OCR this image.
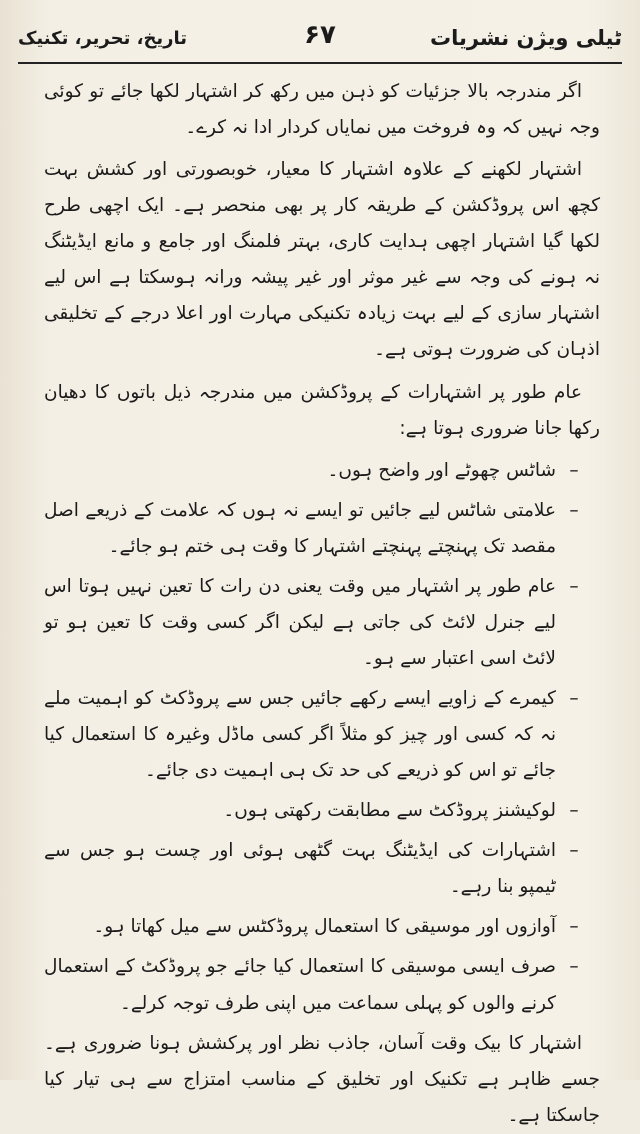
ٹیلی ویژن نشریات
۶۷
تاریخ، تحریر، تکنیک

اگر مندرجہ بالا جزئیات کو ذہن میں رکھ کر اشتہار لکھا جائے تو کوئی وجہ نہیں کہ وہ فروخت میں نمایاں کردار ادا نہ کرے۔

اشتہار لکھنے کے علاوہ اشتہار کا معیار، خوبصورتی اور کشش بہت کچھ اس پروڈکشن کے طریقہ کار پر بھی منحصر ہے۔ ایک اچھی طرح لکھا گیا اشتہار اچھی ہدایت کاری، بہتر فلمنگ اور جامع و مانع ایڈیٹنگ نہ ہونے کی وجہ سے غیر موثر اور غیر پیشہ ورانہ ہوسکتا ہے اس لیے اشتہار سازی کے لیے بہت زیادہ تکنیکی مہارت اور اعلا درجے کے تخلیقی اذہان کی ضرورت ہوتی ہے۔

عام طور پر اشتہارات کے پروڈکشن میں مندرجہ ذیل باتوں کا دھیان رکھا جانا ضروری ہوتا ہے:

–
شاٹس چھوٹے اور واضح ہوں۔
–
علامتی شاٹس لیے جائیں تو ایسے نہ ہوں کہ علامت کے ذریعے اصل مقصد تک پہنچتے پہنچتے اشتہار کا وقت ہی ختم ہو جائے۔
–
عام طور پر اشتہار میں وقت یعنی دن رات کا تعین نہیں ہوتا اس لیے جنرل لائٹ کی جاتی ہے لیکن اگر کسی وقت کا تعین ہو تو لائٹ اسی اعتبار سے ہو۔
–
کیمرے کے زاویے ایسے رکھے جائیں جس سے پروڈکٹ کو اہمیت ملے نہ کہ کسی اور چیز کو مثلاً اگر کسی ماڈل وغیرہ کا استعمال کیا جائے تو اس کو ذریعے کی حد تک ہی اہمیت دی جائے۔
–
لوکیشنز پروڈکٹ سے مطابقت رکھتی ہوں۔
–
اشتہارات کی ایڈیٹنگ بہت گٹھی ہوئی اور چست ہو جس سے ٹیمپو بنا رہے۔
–
آوازوں اور موسیقی کا استعمال پروڈکٹس سے میل کھاتا ہو۔
–
صرف ایسی موسیقی کا استعمال کیا جائے جو پروڈکٹ کے استعمال کرنے والوں کو پہلی سماعت میں اپنی طرف توجہ کرلے۔

اشتہار کا بیک وقت آسان، جاذب نظر اور پرکشش ہونا ضروری ہے۔ جسے ظاہر ہے تکنیک اور تخلیق کے مناسب امتزاج سے ہی تیار کیا جاسکتا ہے۔
